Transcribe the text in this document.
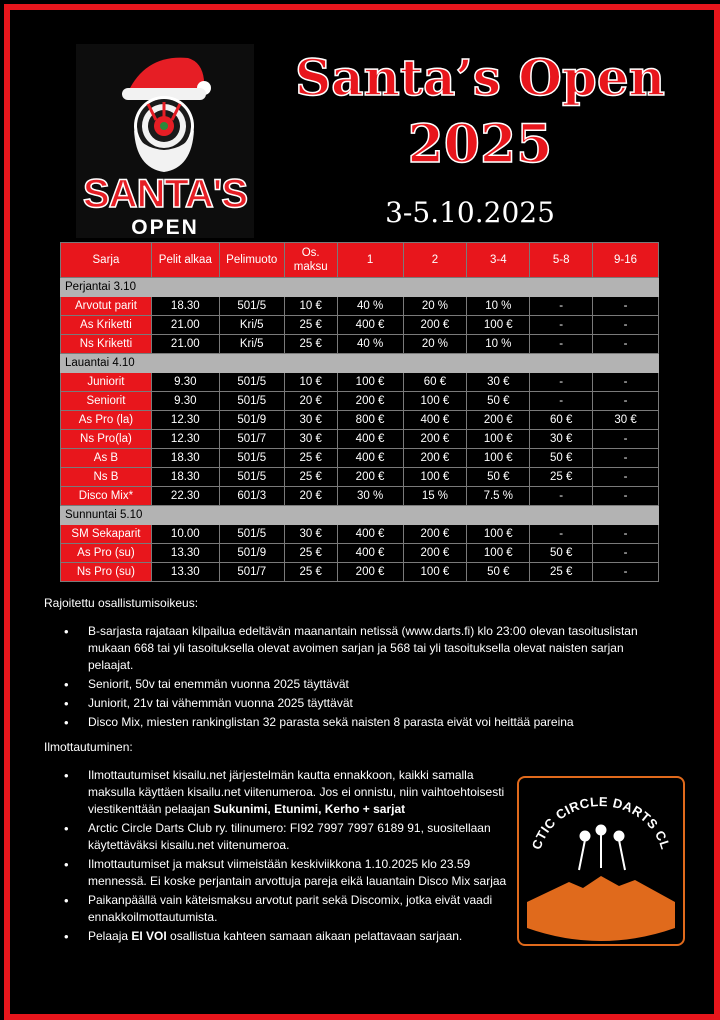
SANTA'S
OPEN
Santa’s Open
2025
3-5.10.2025
Sarja	Pelit alkaa	Pelimuoto	Os. maksu	1	2	3-4	5-8	9-16
Perjantai 3.10								
Arvotut parit	18.30	501/5	10 €	40 %	20 %	10 %	-	-
As Kriketti	21.00	Kri/5	25 €	400 €	200 €	100 €	-	-
Ns Kriketti	21.00	Kri/5	25 €	40 %	20 %	10 %	-	-
Lauantai 4.10								
Juniorit	9.30	501/5	10 €	100 €	60 €	30 €	-	-
Seniorit	9.30	501/5	20 €	200 €	100 €	50 €	-	-
As Pro (la)	12.30	501/9	30 €	800 €	400 €	200 €	60 €	30 €
Ns Pro(la)	12.30	501/7	30 €	400 €	200 €	100 €	30 €	-
As B	18.30	501/5	25 €	400 €	200 €	100 €	50 €	-
Ns B	18.30	501/5	25 €	200 €	100 €	50 €	25 €	-
Disco Mix*	22.30	601/3	20 €	30 %	15 %	7.5 %	-	-
Sunnuntai 5.10								
SM Sekaparit	10.00	501/5	30 €	400 €	200 €	100 €	-	-
As Pro (su)	13.30	501/9	25 €	400 €	200 €	100 €	50 €	-
Ns Pro (su)	13.30	501/7	25 €	200 €	100 €	50 €	25 €	-

Rajoitettu osallistumisoikeus:

• B-sarjasta rajataan kilpailua edeltävän maanantain netissä (www.darts.fi) klo 23:00 olevan tasoituslistan mukaan 668 tai yli tasoituksella olevat avoimen sarjan ja 568 tai yli tasoituksella olevat naisten sarjan pelaajat.
• Seniorit, 50v tai enemmän vuonna 2025 täyttävät
• Juniorit, 21v tai vähemmän vuonna 2025 täyttävät
• Disco Mix, miesten rankinglistan 32 parasta sekä naisten 8 parasta eivät voi heittää pareina

Ilmottautuminen:

• Ilmottautumiset kisailu.net järjestelmän kautta ennakkoon, kaikki samalla maksulla käyttäen kisailu.net viitenumeroa. Jos ei onnistu, niin vaihtoehtoisesti viestikenttään pelaajan Sukunimi, Etunimi, Kerho + sarjat
• Arctic Circle Darts Club ry. tilinumero: FI92 7997 7997 6189 91, suositellaan käytettäväksi kisailu.net viitenumeroa.
• Ilmottautumiset ja maksut viimeistään keskiviikkona 1.10.2025 klo 23.59 mennessä. Ei koske perjantain arvottuja pareja eikä lauantain Disco Mix sarjaa
• Paikanpäällä vain käteismaksu arvotut parit sekä Discomix, jotka eivät vaadi ennakkoilmottautumista.
• Pelaaja EI VOI osallistua kahteen samaan aikaan pelattavaan sarjaan.
CTIC CIRCLE DARTS CL
